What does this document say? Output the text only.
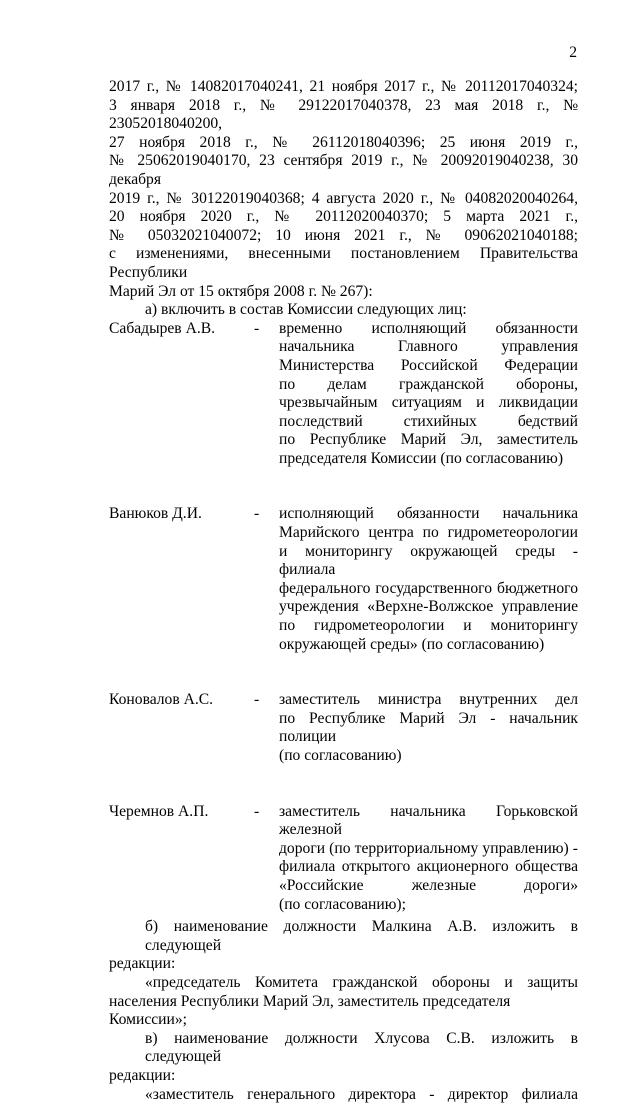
2
2017 г., № 14082017040241, 21 ноября 2017 г., № 20112017040324;
3 января 2018 г., № 29122017040378, 23 мая 2018 г., № 23052018040200,
27 ноября 2018 г., № 26112018040396; 25 июня 2019 г.,
№ 25062019040170, 23 сентября 2019 г., № 20092019040238, 30 декабря
2019 г., № 30122019040368; 4 августа 2020 г., № 04082020040264,
20 ноября 2020 г., № 20112020040370; 5 марта 2021 г.,
№ 05032021040072; 10 июня 2021 г., № 09062021040188;
с изменениями, внесенными постановлением Правительства Республики
Марий Эл от 15 октября 2008 г. № 267):
а) включить в состав Комиссии следующих лиц:
Сабадырев А.В.	-	временно исполняющий обязанности
начальника Главного управления
Министерства Российской Федерации
по делам гражданской обороны,
чрезвычайным ситуациям и ликвидации
последствий стихийных бедствий
по Республике Марий Эл, заместитель
председателя Комиссии (по согласованию)
Ванюков Д.И.	-	исполняющий обязанности начальника
Марийского центра по гидрометеорологии
и мониторингу окружающей среды - филиала
федерального государственного бюджетного
учреждения «Верхне-Волжское управление
по гидрометеорологии и мониторингу
окружающей среды» (по согласованию)
Коновалов А.С.	-	заместитель министра внутренних дел
по Республике Марий Эл - начальник полиции
(по согласованию)
Черемнов А.П.	-	заместитель начальника Горьковской железной
дороги (по территориальному управлению) -
филиала открытого акционерного общества
«Российские железные дороги»
(по согласованию);
б) наименование должности Малкина А.В. изложить в следующей
редакции:
«председатель Комитета гражданской обороны и защиты
населения Республики Марий Эл, заместитель председателя Комиссии»;
в) наименование должности Хлусова С.В. изложить в следующей
редакции:
«заместитель генерального директора - директор филиала
